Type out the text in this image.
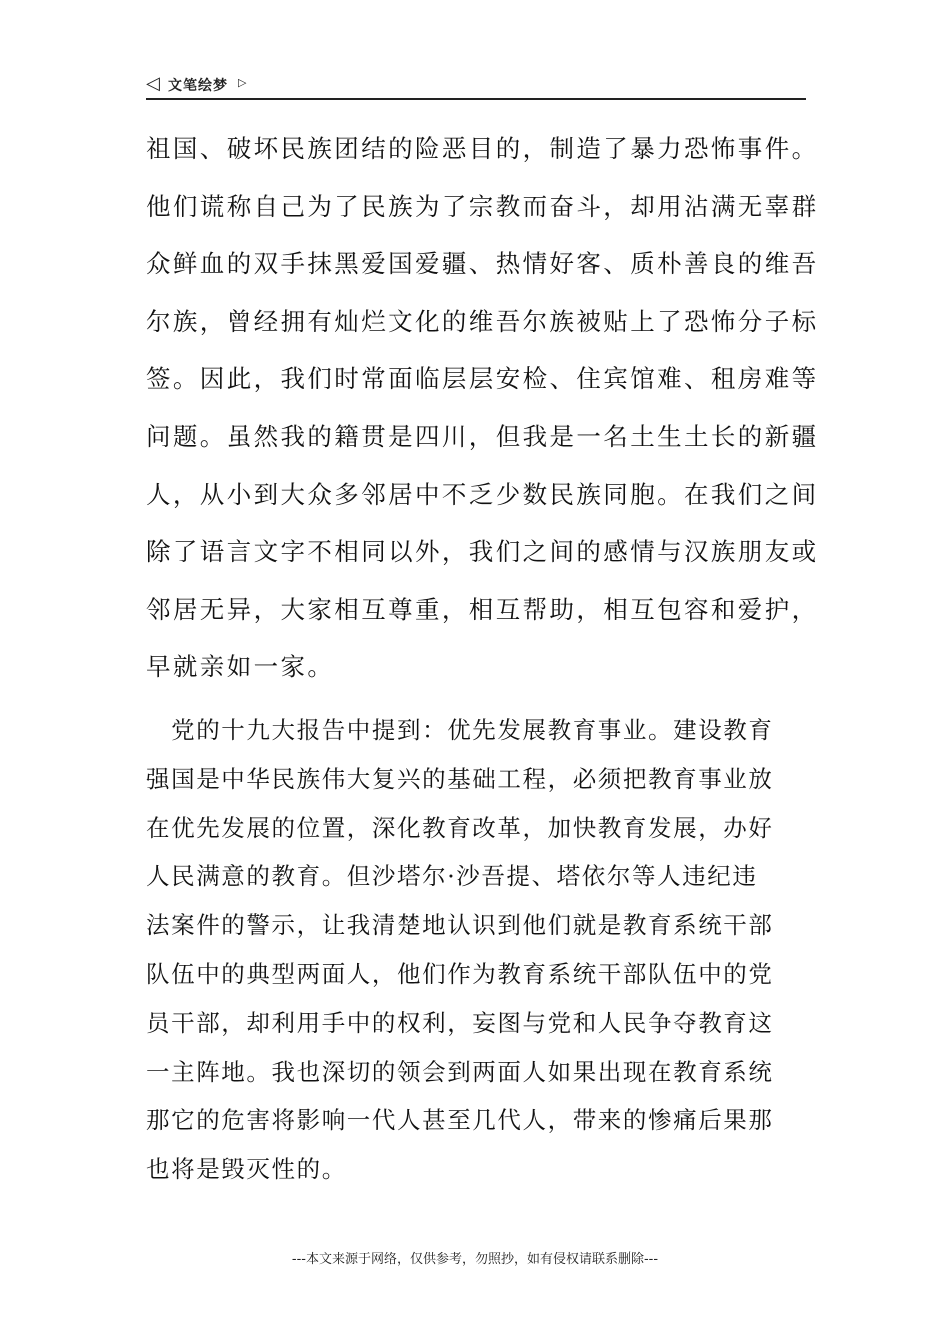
◁ 文笔绘梦 ▷
祖国、破坏民族团结的险恶目的，制造了暴力恐怖事件。
他们谎称自己为了民族为了宗教而奋斗，却用沾满无辜群
众鲜血的双手抹黑爱国爱疆、热情好客、质朴善良的维吾
尔族，曾经拥有灿烂文化的维吾尔族被贴上了恐怖分子标
签。因此，我们时常面临层层安检、住宾馆难、租房难等
问题。虽然我的籍贯是四川，但我是一名土生土长的新疆
人，从小到大众多邻居中不乏少数民族同胞。在我们之间
除了语言文字不相同以外，我们之间的感情与汉族朋友或
邻居无异，大家相互尊重，相互帮助，相互包容和爱护，
早就亲如一家。
　党的十九大报告中提到：优先发展教育事业。建设教育
强国是中华民族伟大复兴的基础工程，必须把教育事业放
在优先发展的位置，深化教育改革，加快教育发展，办好
人民满意的教育。但沙塔尔·沙吾提、塔依尔等人违纪违
法案件的警示，让我清楚地认识到他们就是教育系统干部
队伍中的典型两面人，他们作为教育系统干部队伍中的党
员干部，却利用手中的权利，妄图与党和人民争夺教育这
一主阵地。我也深切的领会到两面人如果出现在教育系统
那它的危害将影响一代人甚至几代人，带来的惨痛后果那
也将是毁灭性的。
---本文来源于网络，仅供参考，勿照抄，如有侵权请联系删除---
